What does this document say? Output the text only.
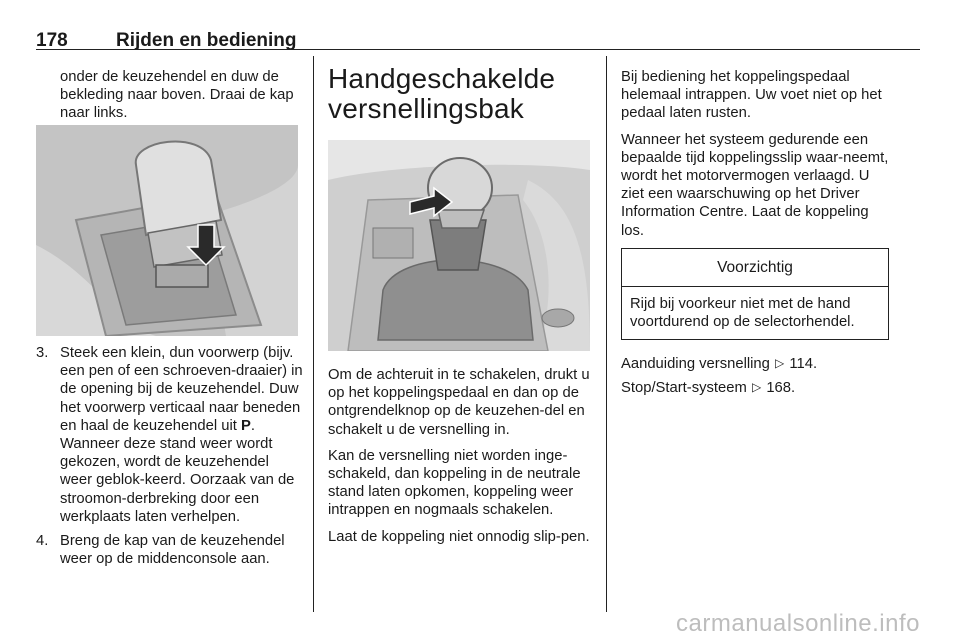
178	Rijden en bediening

onder de keuzehendel en duw de bekleding naar boven. Draai de kap naar links.

3. Steek een klein, dun voorwerp (bijv. een pen of een schroeven-draaier) in de opening bij de keuzehendel. Duw het voorwerp verticaal naar beneden en haal de keuzehendel uit P. Wanneer deze stand weer wordt gekozen, wordt de keuzehendel weer geblok-keerd. Oorzaak van de stroomon-derbreking door een werkplaats laten verhelpen.
4. Breng de kap van de keuzehendel weer op de middenconsole aan.
Handgeschakelde versnellingsbak

Om de achteruit in te schakelen, drukt u op het koppelingspedaal en dan op de ontgrendelknop op de keuzehen-del en schakelt u de versnelling in.

Kan de versnelling niet worden inge-schakeld, dan koppeling in de neutrale stand laten opkomen, koppeling weer intrappen en nogmaals schakelen.

Laat de koppeling niet onnodig slip-pen.

Bij bediening het koppelingspedaal helemaal intrappen. Uw voet niet op het pedaal laten rusten.

Wanneer het systeem gedurende een bepaalde tijd koppelingsslip waar-neemt, wordt het motorvermogen verlaagd. U ziet een waarschuwing op het Driver Information Centre. Laat de koppeling los.

Voorzichtig
Rijd bij voorkeur niet met de hand voortdurend op de selectorhendel.

Aanduiding versnelling ▷ 114.

Stop/Start-systeem ▷ 168.

carmanualsonline.info
